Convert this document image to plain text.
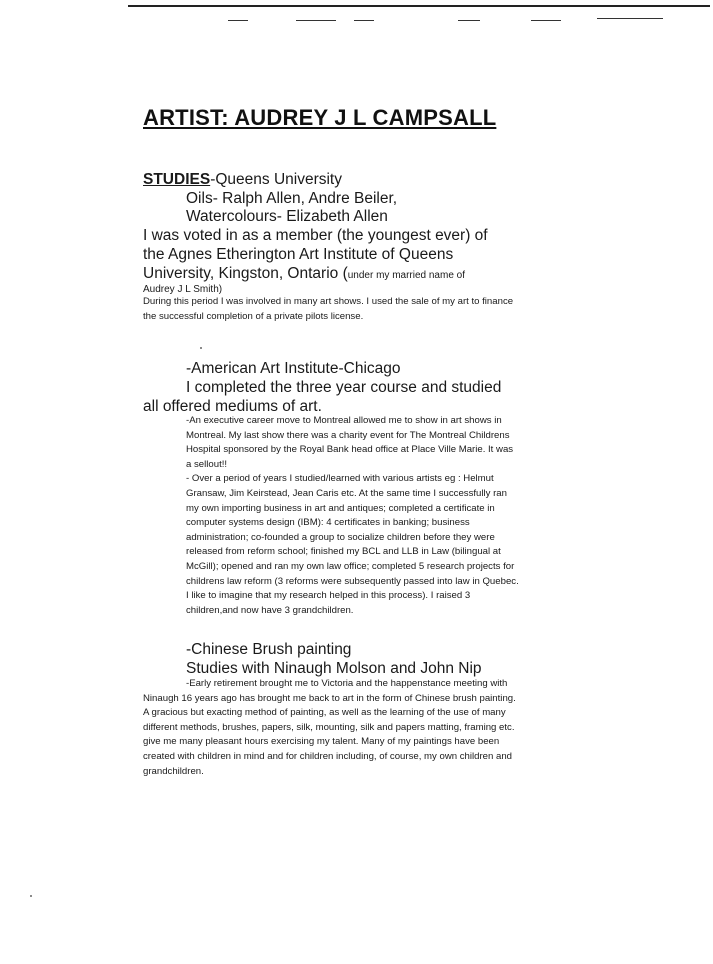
ARTIST: AUDREY J L CAMPSALL
STUDIES-Queens University
Oils- Ralph Allen, Andre Beiler,
Watercolours- Elizabeth Allen
I was voted in as a member (the youngest ever) of
the Agnes Etherington Art Institute of Queens
University, Kingston, Ontario (under my married name of
Audrey J L Smith)

During this period I was involved in many art shows. I used the sale of my art to finance the successful completion of a private pilots license.

-American Art Institute-Chicago
I completed the three year course and studied
all offered mediums of art.

-An executive career move to Montreal allowed me to show in art shows in Montreal. My last show there was a charity event for The Montreal Childrens Hospital sponsored by the Royal Bank head office at Place Ville Marie. It was a sellout!!

- Over a period of years I studied/learned with various artists eg : Helmut Gransaw, Jim Keirstead, Jean Caris etc. At the same time I successfully ran my own importing business in art and antiques; completed a certificate in computer systems design (IBM): 4 certificates in banking; business administration; co-founded a group to socialize children before they were released from reform school; finished my BCL and LLB in Law (bilingual at McGill); opened and ran my own law office; completed 5 research projects for childrens law reform (3 reforms were subsequently passed into law in Quebec. I like to imagine that my research helped in this process). I raised 3 children,and now have 3 grandchildren.

-Chinese Brush painting
Studies with Ninaugh Molson and John Nip

-Early retirement brought me to Victoria and the happenstance meeting with Ninaugh 16 years ago has brought me back to art in the form of Chinese brush painting. A gracious but exacting method of painting, as well as the learning of the use of many different methods, brushes, papers, silk, mounting, silk and papers matting, framing etc. give me many pleasant hours exercising my talent. Many of my paintings have been created with children in mind and for children including, of course, my own children and grandchildren.
